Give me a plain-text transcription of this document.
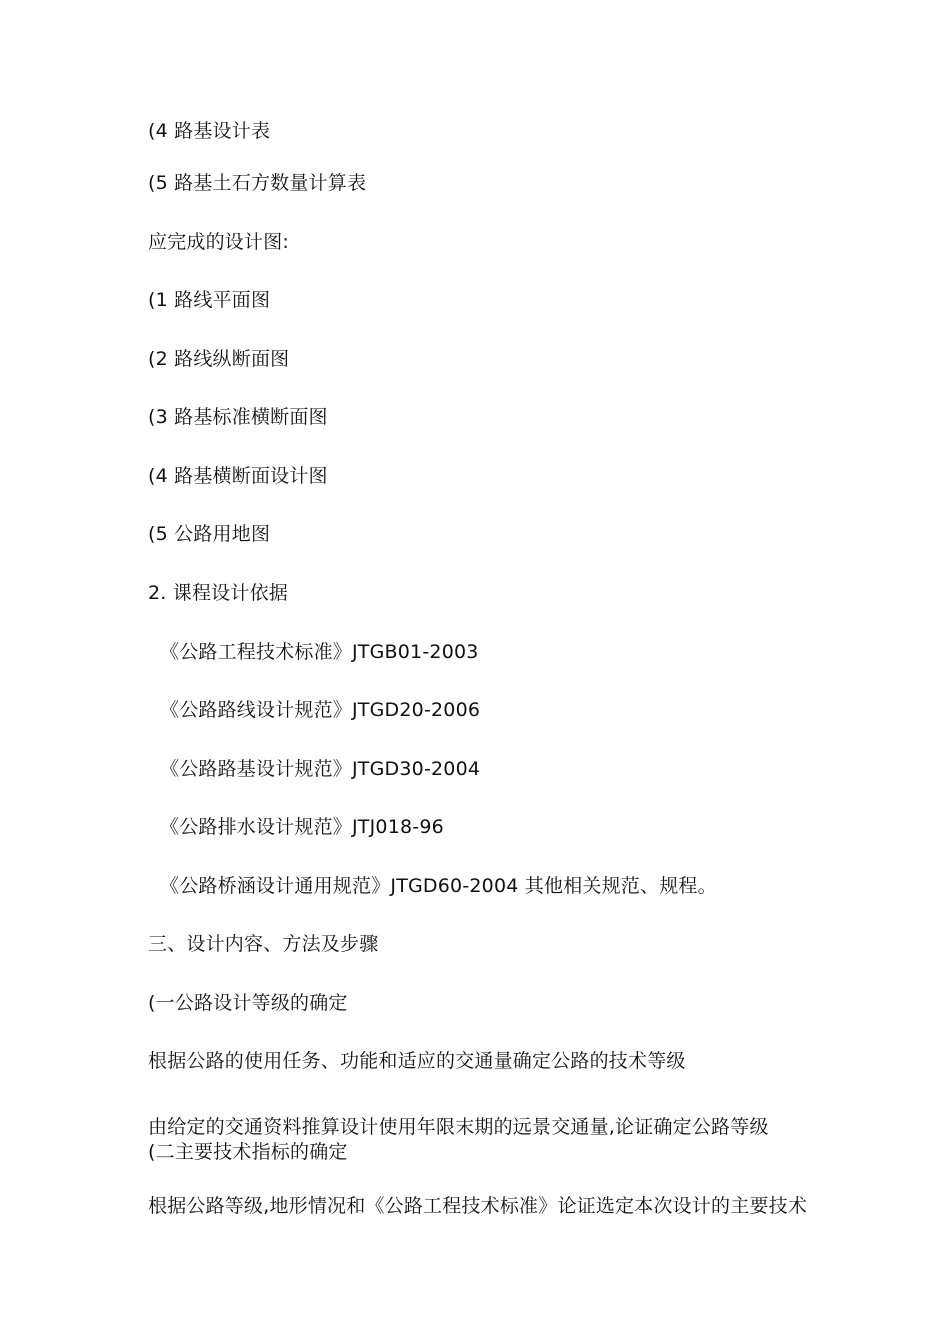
(4 路基设计表
(5 路基土石方数量计算表
应完成的设计图:
(1 路线平面图
(2 路线纵断面图
(3 路基标准横断面图
(4 路基横断面设计图
(5 公路用地图
2. 课程设计依据
《公路工程技术标准》JTGB01-2003
《公路路线设计规范》JTGD20-2006
《公路路基设计规范》JTGD30-2004
《公路排水设计规范》JTJ018-96
《公路桥涵设计通用规范》JTGD60-2004 其他相关规范、规程。
三、设计内容、方法及步骤
(一公路设计等级的确定
根据公路的使用任务、功能和适应的交通量确定公路的技术等级
由给定的交通资料推算设计使用年限末期的远景交通量,论证确定公路等级
(二主要技术指标的确定
根据公路等级,地形情况和《公路工程技术标准》论证选定本次设计的主要技术
